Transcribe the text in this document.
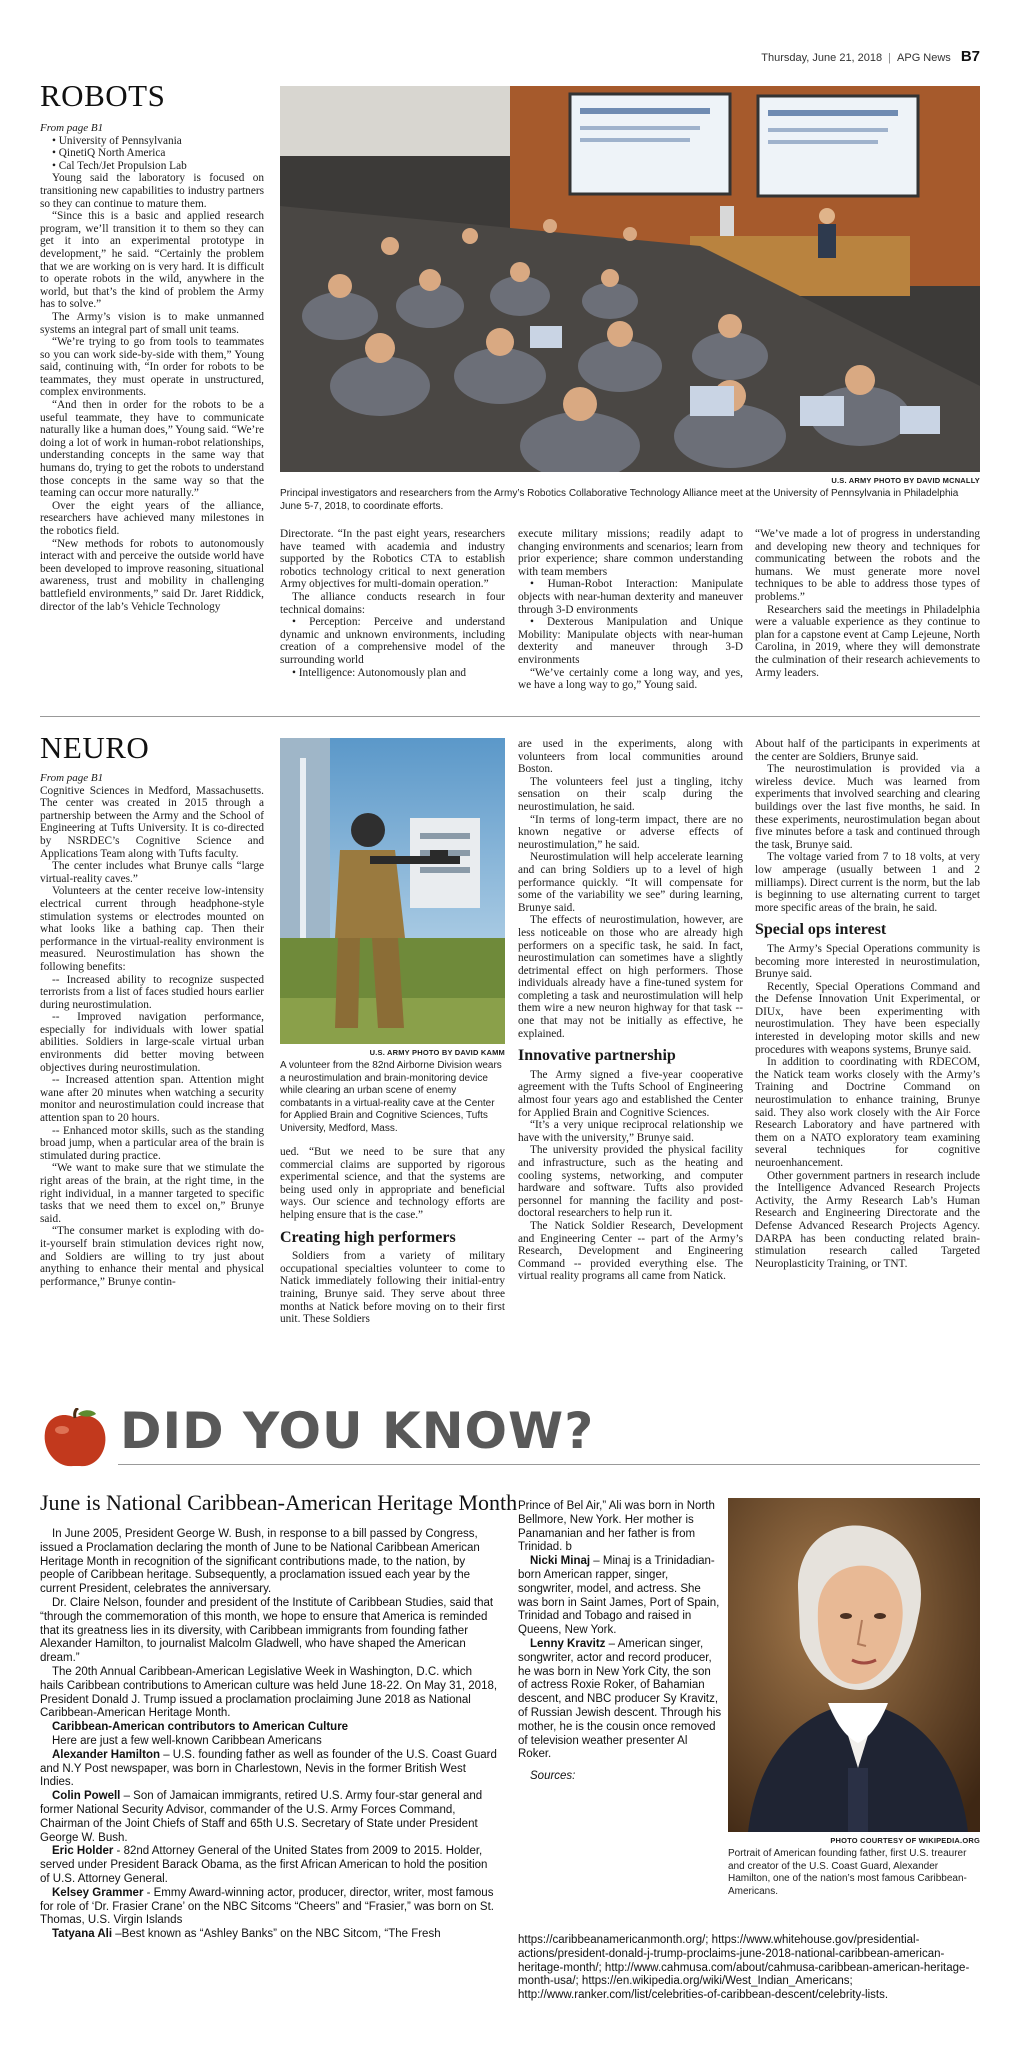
Thursday, June 21, 2018 | APG News B7
ROBOTS
From page B1
• University of Pennsylvania
• QinetiQ North America
• Cal Tech/Jet Propulsion Lab

Young said the laboratory is focused on transitioning new capabilities to industry partners so they can continue to mature them.

“Since this is a basic and applied research program, we’ll transition it to them so they can get it into an experimental prototype in development,” he said. “Certainly the problem that we are working on is very hard. It is difficult to operate robots in the wild, anywhere in the world, but that’s the kind of problem the Army has to solve.”

The Army’s vision is to make unmanned systems an integral part of small unit teams.

“We’re trying to go from tools to teammates so you can work side-by-side with them,” Young said, continuing with, “In order for robots to be teammates, they must operate in unstructured, complex environments.

“And then in order for the robots to be a useful teammate, they have to communicate naturally like a human does,” Young said. “We’re doing a lot of work in human-robot relationships, understanding concepts in the same way that humans do, trying to get the robots to understand those concepts in the same way so that the teaming can occur more naturally.”

Over the eight years of the alliance, researchers have achieved many milestones in the robotics field.

“New methods for robots to autonomously interact with and perceive the outside world have been developed to improve reasoning, situational awareness, trust and mobility in challenging battlefield environments,” said Dr. Jaret Riddick, director of the lab’s Vehicle Technology

U.S. ARMY PHOTO BY DAVID MCNALLY
Principal investigators and researchers from the Army’s Robotics Collaborative Technology Alliance meet at the University of Pennsylvania in Philadelphia June 5-7, 2018, to coordinate efforts.

Directorate. “In the past eight years, researchers have teamed with academia and industry supported by the Robotics CTA to establish robotics technology critical to next generation Army objectives for multi-domain operation.”

The alliance conducts research in four technical domains:

• Perception: Perceive and understand dynamic and unknown environments, including creation of a comprehensive model of the surrounding world

• Intelligence: Autonomously plan and

execute military missions; readily adapt to changing environments and scenarios; learn from prior experience; share common understanding with team members

• Human-Robot Interaction: Manipulate objects with near-human dexterity and maneuver through 3-D environments

• Dexterous Manipulation and Unique Mobility: Manipulate objects with near-human dexterity and maneuver through 3-D environments

“We’ve certainly come a long way, and yes, we have a long way to go,” Young said.

“We’ve made a lot of progress in understanding and developing new theory and techniques for communicating between the robots and the humans. We must generate more novel techniques to be able to address those types of problems.”

Researchers said the meetings in Philadelphia were a valuable experience as they continue to plan for a capstone event at Camp Lejeune, North Carolina, in 2019, where they will demonstrate the culmination of their research achievements to Army leaders.

NEURO
From page B1

Cognitive Sciences in Medford, Massachusetts. The center was created in 2015 through a partnership between the Army and the School of Engineering at Tufts University. It is co-directed by NSRDEC’s Cognitive Science and Applications Team along with Tufts faculty.

The center includes what Brunye calls “large virtual-reality caves.”

Volunteers at the center receive low-intensity electrical current through headphone-style stimulation systems or electrodes mounted on what looks like a bathing cap. Then their performance in the virtual-reality environment is measured. Neurostimulation has shown the following benefits:

-- Increased ability to recognize suspected terrorists from a list of faces studied hours earlier during neurostimulation.

-- Improved navigation performance, especially for individuals with lower spatial abilities. Soldiers in large-scale virtual urban environments did better moving between objectives during neurostimulation.

-- Increased attention span. Attention might wane after 20 minutes when watching a security monitor and neurostimulation could increase that attention span to 20 hours.

-- Enhanced motor skills, such as the standing broad jump, when a particular area of the brain is stimulated during practice.

“We want to make sure that we stimulate the right areas of the brain, at the right time, in the right individual, in a manner targeted to specific tasks that we need them to excel on,” Brunye said.

“The consumer market is exploding with do-it-yourself brain stimulation devices right now, and Soldiers are willing to try just about anything to enhance their mental and physical performance,” Brunye contin-

U.S. ARMY PHOTO BY DAVID KAMM
A volunteer from the 82nd Airborne Division wears a neurostimulation and brain-monitoring device while clearing an urban scene of enemy combatants in a virtual-reality cave at the Center for Applied Brain and Cognitive Sciences, Tufts University, Medford, Mass.

ued. “But we need to be sure that any commercial claims are supported by rigorous experimental science, and that the systems are being used only in appropriate and beneficial ways. Our science and technology efforts are helping ensure that is the case.”

Creating high performers

Soldiers from a variety of military occupational specialties volunteer to come to Natick immediately following their initial-entry training, Brunye said. They serve about three months at Natick before moving on to their first unit. These Soldiers

are used in the experiments, along with volunteers from local communities around Boston.

The volunteers feel just a tingling, itchy sensation on their scalp during the neurostimulation, he said.

“In terms of long-term impact, there are no known negative or adverse effects of neurostimulation,” he said.

Neurostimulation will help accelerate learning and can bring Soldiers up to a level of high performance quickly. “It will compensate for some of the variability we see” during learning, Brunye said.

The effects of neurostimulation, however, are less noticeable on those who are already high performers on a specific task, he said. In fact, neurostimulation can sometimes have a slightly detrimental effect on high performers. Those individuals already have a fine-tuned system for completing a task and neurostimulation will help them wire a new neuron highway for that task -- one that may not be initially as effective, he explained.

Innovative partnership

The Army signed a five-year cooperative agreement with the Tufts School of Engineering almost four years ago and established the Center for Applied Brain and Cognitive Sciences.

“It’s a very unique reciprocal relationship we have with the university,” Brunye said.

The university provided the physical facility and infrastructure, such as the heating and cooling systems, networking, and computer hardware and software. Tufts also provided personnel for manning the facility and post-doctoral researchers to help run it.

The Natick Soldier Research, Development and Engineering Center -- part of the Army’s Research, Development and Engineering Command -- provided everything else. The virtual reality programs all came from Natick.

About half of the participants in experiments at the center are Soldiers, Brunye said.

The neurostimulation is provided via a wireless device. Much was learned from experiments that involved searching and clearing buildings over the last five months, he said. In these experiments, neurostimulation began about five minutes before a task and continued through the task, Brunye said.

The voltage varied from 7 to 18 volts, at very low amperage (usually between 1 and 2 milliamps). Direct current is the norm, but the lab is beginning to use alternating current to target more specific areas of the brain, he said.

Special ops interest

The Army’s Special Operations community is becoming more interested in neurostimulation, Brunye said.

Recently, Special Operations Command and the Defense Innovation Unit Experimental, or DIUx, have been experimenting with neurostimulation. They have been especially interested in developing motor skills and new procedures with weapons systems, Brunye said.

In addition to coordinating with RDECOM, the Natick team works closely with the Army’s Training and Doctrine Command on neurostimulation to enhance training, Brunye said. They also work closely with the Air Force Research Laboratory and have partnered with them on a NATO exploratory team examining several techniques for cognitive neuroenhancement.

Other government partners in research include the Intelligence Advanced Research Projects Activity, the Army Research Lab’s Human Research and Engineering Directorate and the Defense Advanced Research Projects Agency. DARPA has been conducting related brain-stimulation research called Targeted Neuroplasticity Training, or TNT.

DID YOU KNOW?
June is National Caribbean-American Heritage Month

In June 2005, President George W. Bush, in response to a bill passed by Congress, issued a Proclamation declaring the month of June to be National Caribbean American Heritage Month in recognition of the significant contributions made, to the nation, by people of Caribbean heritage. Subsequently, a proclamation issued each year by the current President, celebrates the anniversary.

Dr. Claire Nelson, founder and president of the Institute of Caribbean Studies, said that “through the commemoration of this month, we hope to ensure that America is reminded that its greatness lies in its diversity, with Caribbean immigrants from founding father Alexander Hamilton, to journalist Malcolm Gladwell, who have shaped the American dream.”

The 20th Annual Caribbean-American Legislative Week in Washington, D.C. which hails Caribbean contributions to American culture was held June 18-22. On May 31, 2018, President Donald J. Trump issued a proclamation proclaiming June 2018 as National Caribbean-American Heritage Month.

Caribbean-American contributors to American Culture

Here are just a few well-known Caribbean Americans

Alexander Hamilton – U.S. founding father as well as founder of the U.S. Coast Guard and N.Y Post newspaper, was born in Charlestown, Nevis in the former British West Indies.

Colin Powell – Son of Jamaican immigrants, retired U.S. Army four-star general and former National Security Advisor, commander of the U.S. Army Forces Command, Chairman of the Joint Chiefs of Staff and 65th U.S. Secretary of State under President George W. Bush.

Eric Holder - 82nd Attorney General of the United States from 2009 to 2015. Holder, served under President Barack Obama, as the first African American to hold the position of U.S. Attorney General.

Kelsey Grammer - Emmy Award-winning actor, producer, director, writer, most famous for role of ‘Dr. Frasier Crane’ on the NBC Sitcoms “Cheers” and “Frasier,” was born on St. Thomas, U.S. Virgin Islands

Tatyana Ali –Best known as “Ashley Banks” on the NBC Sitcom, “The Fresh

Prince of Bel Air,” Ali was born in North Bellmore, New York. Her mother is Panamanian and her father is from Trinidad. b

Nicki Minaj – Minaj is a Trinidadian-born American rapper, singer, songwriter, model, and actress. She was born in Saint James, Port of Spain, Trinidad and Tobago and raised in Queens, New York.

Lenny Kravitz – American singer, songwriter, actor and record producer, he was born in New York City, the son of actress Roxie Roker, of Bahamian descent, and NBC producer Sy Kravitz, of Russian Jewish descent. Through his mother, he is the cousin once removed of television weather presenter Al Roker.

Sources:

https://caribbeanamericanmonth.org/; https://www.whitehouse.gov/presidential-actions/president-donald-j-trump-proclaims-june-2018-national-caribbean-american-heritage-month/; http://www.cahmusa.com/about/cahmusa-caribbean-american-heritage-month-usa/; https://en.wikipedia.org/wiki/West_Indian_Americans; http://www.ranker.com/list/celebrities-of-caribbean-descent/celebrity-lists.
PHOTO COURTESY OF WIKIPEDIA.ORG
Portrait of American founding father, first U.S. treaurer and creator of the U.S. Coast Guard, Alexander Hamilton, one of the nation’s most famous Caribbean-Americans.
